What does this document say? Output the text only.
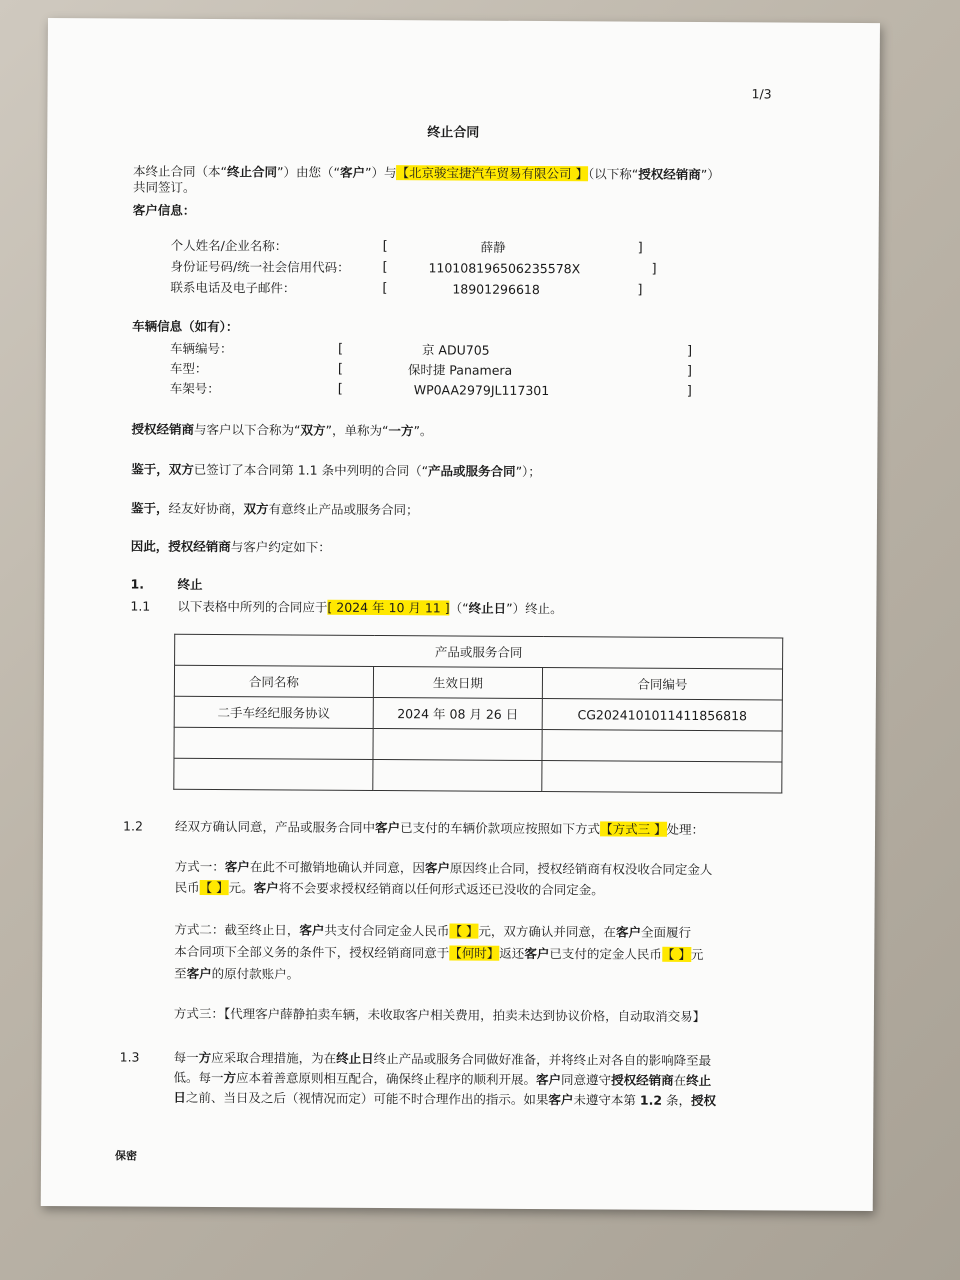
1/3
终止合同
本终止合同（本“终止合同”）由您（“客户”）与【北京骏宝捷汽车贸易有限公司 】（以下称“授权经销商”）
共同签订。
客户信息：
个人姓名/企业名称：	[	薛静	]
身份证号码/统一社会信用代码：	[	110108196506235578X	]
联系电话及电子邮件：	[	18901296618	]
车辆信息（如有）：
车辆编号：	[	京 ADU705	]
车型：	[	保时捷 Panamera	]
车架号：	[	WP0AA2979JL117301	]
授权经销商与客户以下合称为“双方”，单称为“一方”。
鉴于，双方已签订了本合同第 1.1 条中列明的合同（“产品或服务合同”）；
鉴于，经友好协商，双方有意终止产品或服务合同；
因此，授权经销商与客户约定如下：
1.	终止
1.1 以下表格中所列的合同应于[ 2024 年 10 月 11 ]（“终止日”）终止。
产品或服务合同		
合同名称	生效日期	合同编号
二手车经纪服务协议	2024 年 08 月 26 日	CG2024101011411856818

1.2	经双方确认同意，产品或服务合同中客户已支付的车辆价款项应按照如下方式【方式三 】处理：
方式一：客户在此不可撤销地确认并同意，因客户原因终止合同，授权经销商有权没收合同定金人
民币【 】元。客户将不会要求授权经销商以任何形式返还已没收的合同定金。
方式二：截至终止日，客户共支付合同定金人民币【 】元，双方确认并同意，在客户全面履行
本合同项下全部义务的条件下，授权经销商同意于【何时】返还客户已支付的定金人民币【 】元
至客户的原付款账户。
方式三：【代理客户薛静拍卖车辆，未收取客户相关费用，拍卖未达到协议价格，自动取消交易】
1.3	每一方应采取合理措施，为在终止日终止产品或服务合同做好准备，并将终止对各自的影响降至最
低。每一方应本着善意原则相互配合，确保终止程序的顺利开展。客户同意遵守授权经销商在终止
日之前、当日及之后（视情况而定）可能不时合理作出的指示。如果客户未遵守本第 1.2 条，授权
保密
